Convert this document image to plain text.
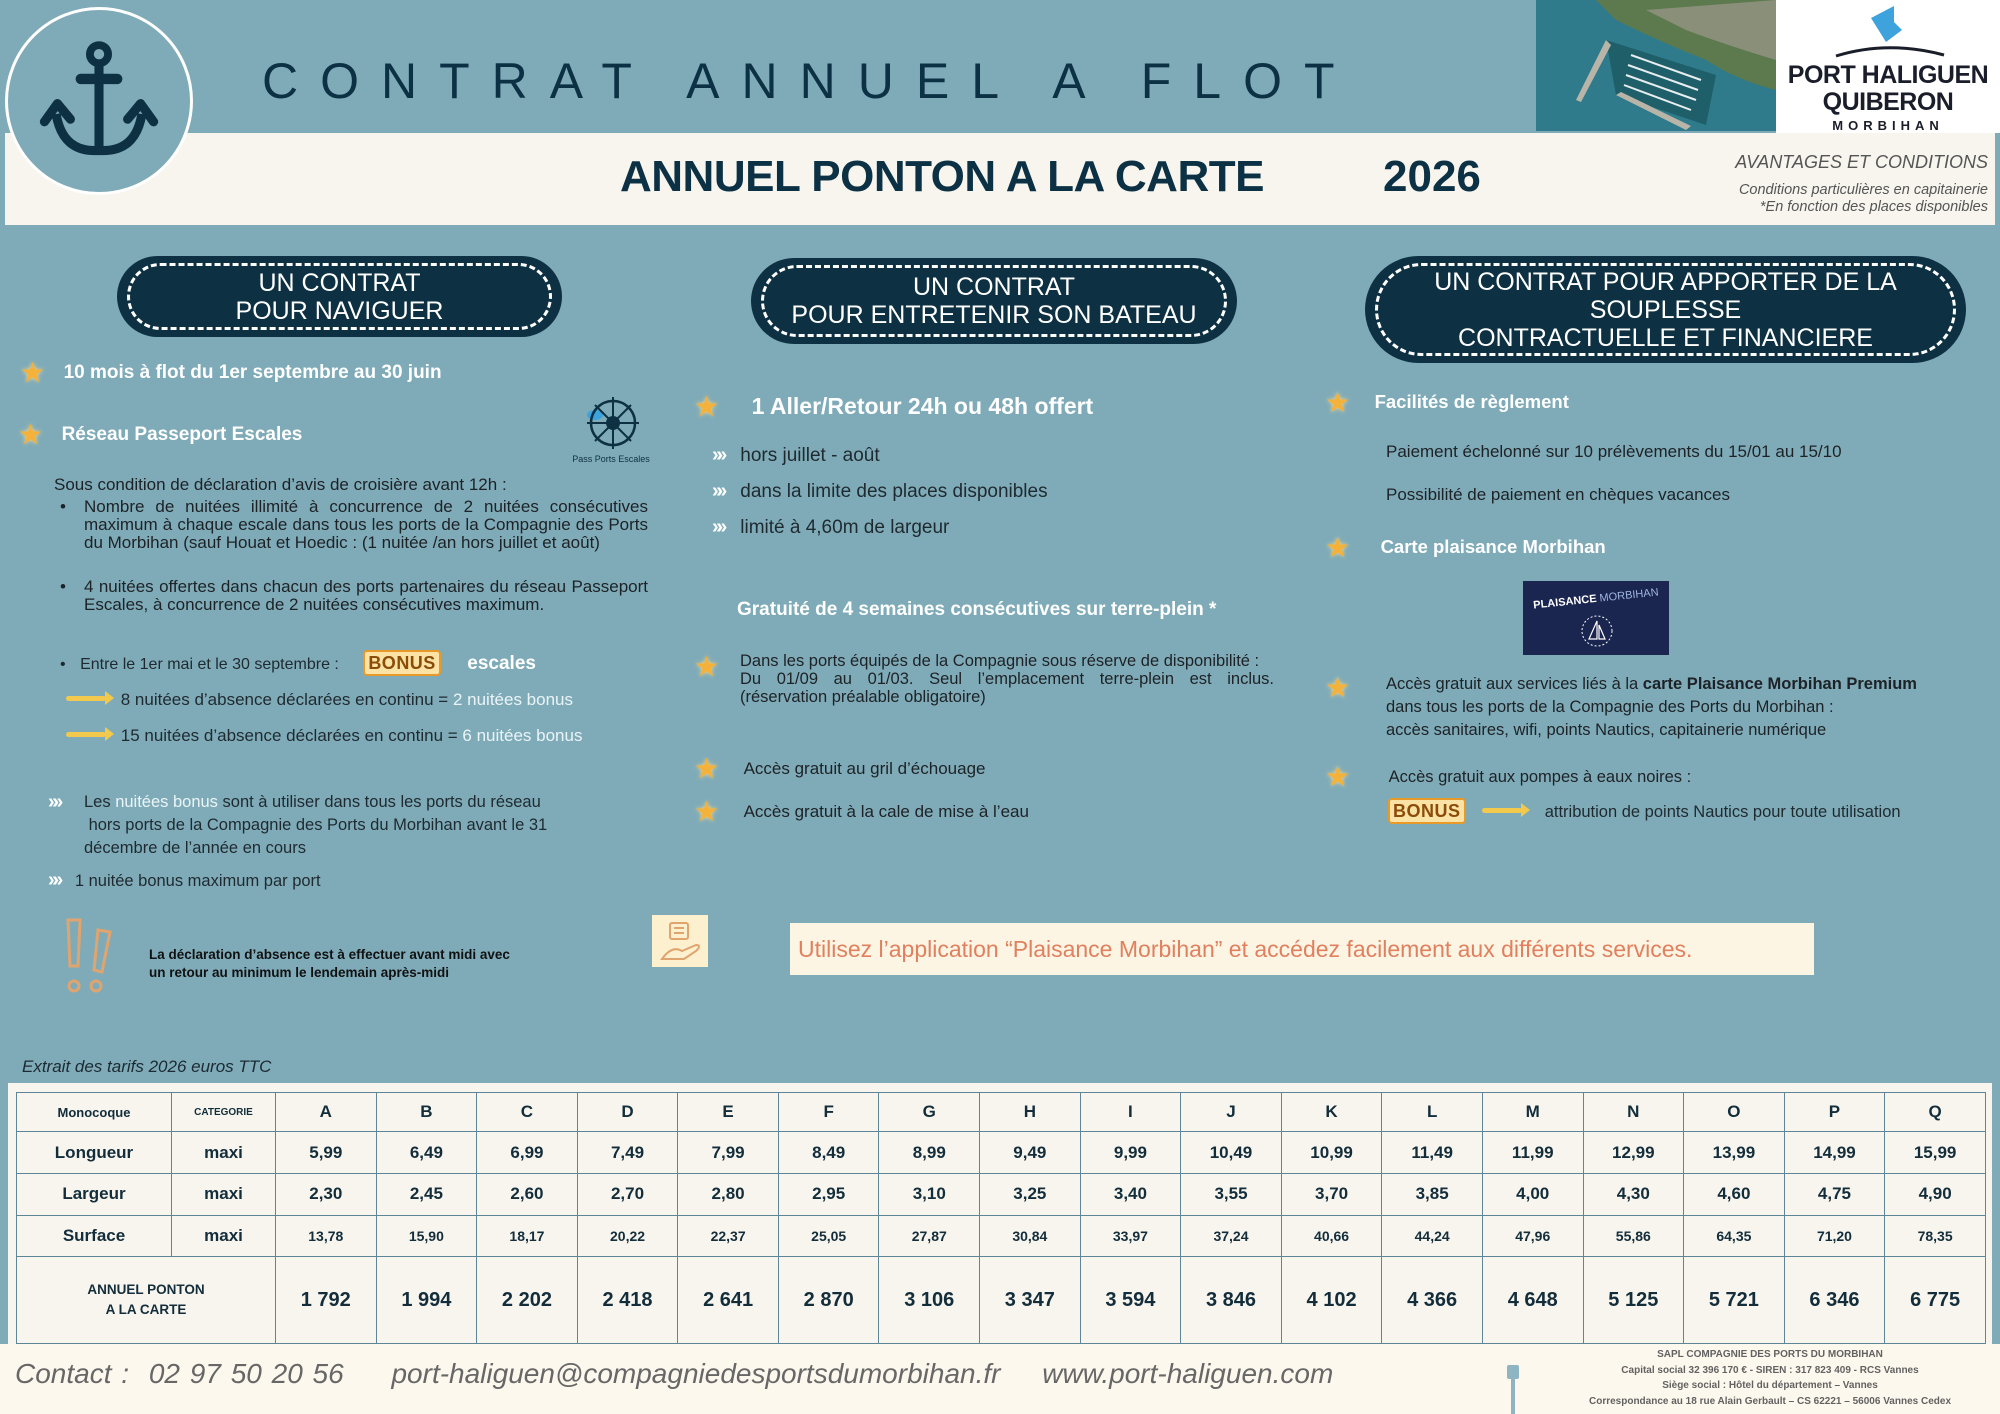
CONTRAT ANNUEL A FLOT
ANNUEL PONTON A LA CARTE	2026
PORT HALIGUEN
QUIBERON
MORBIHAN
AVANTAGES ET CONDITIONS
Conditions particulières en capitainerie
*En fonction des places disponibles
UN CONTRAT
POUR NAVIGUER
★ 10 mois à flot du 1er septembre au 30 juin
★ Réseau Passeport Escales
Pass Ports Escales
Sous condition de déclaration d’avis de croisière avant 12h :
• Nombre de nuitées illimité à concurrence de 2 nuitées consécutives maximum à chaque escale dans tous les ports de la Compagnie des Ports du Morbihan (sauf Houat et Hoedic : (1 nuitée /an hors juillet et août)
• 4 nuitées offertes dans chacun des ports partenaires du réseau Passeport Escales, à concurrence de 2 nuitées consécutives maximum.
• Entre le 1er mai et le 30 septembre : BONUS escales
8 nuitées d’absence déclarées en continu = 2 nuitées bonus
15 nuitées d’absence déclarées en continu = 6 nuitées bonus
»» Les nuitées bonus sont à utiliser dans tous les ports du réseau
hors ports de la Compagnie des Ports du Morbihan avant le 31
décembre de l’année en cours
»» 1 nuitée bonus maximum par port
La déclaration d’absence est à effectuer avant midi avec
un retour au minimum le lendemain après-midi
UN CONTRAT
POUR ENTRETENIR SON BATEAU
★ 1 Aller/Retour 24h ou 48h offert
»» hors juillet - août
»» dans la limite des places disponibles
»» limité à 4,60m de largeur
Gratuité de 4 semaines consécutives sur terre-plein *
★ Dans les ports équipés de la Compagnie sous réserve de disponibilité :
Du 01/09 au 01/03. Seul l’emplacement terre-plein est inclus. (réservation préalable obligatoire)
★ Accès gratuit au gril d’échouage
★ Accès gratuit à la cale de mise à l’eau
UN CONTRAT POUR APPORTER DE LA SOUPLESSE
CONTRACTUELLE ET FINANCIERE
★ Facilités de règlement
Paiement échelonné sur 10 prélèvements du 15/01 au 15/10
Possibilité de paiement en chèques vacances
★ Carte plaisance Morbihan
PLAISANCE MORBIHAN
★ Accès gratuit aux services liés à la carte Plaisance Morbihan Premium
dans tous les ports de la Compagnie des Ports du Morbihan :
accès sanitaires, wifi, points Nautics, capitainerie numérique
★ Accès gratuit aux pompes à eaux noires :
BONUS	attribution de points Nautics pour toute utilisation
Utilisez l’application “Plaisance Morbihan” et accédez facilement aux différents services.
Extrait des tarifs 2026 euros TTC
Monocoque	CATEGORIE	A	B	C	D	E	F	G	H	I	J	K	L	M	N	O	P	Q
Longueur	maxi	5,99	6,49	6,99	7,49	7,99	8,49	8,99	9,49	9,99	10,49	10,99	11,49	11,99	12,99	13,99	14,99	15,99
Largeur	maxi	2,30	2,45	2,60	2,70	2,80	2,95	3,10	3,25	3,40	3,55	3,70	3,85	4,00	4,30	4,60	4,75	4,90
Surface	maxi	13,78	15,90	18,17	20,22	22,37	25,05	27,87	30,84	33,97	37,24	40,66	44,24	47,96	55,86	64,35	71,20	78,35
ANNUEL PONTON
A LA CARTE		1 792	1 994	2 202	2 418	2 641	2 870	3 106	3 347	3 594	3 846	4 102	4 366	4 648	5 125	5 721	6 346	6 775
Contact : 02 97 50 20 56 port-haliguen@compagniedesportsdumorbihan.fr www.port-haliguen.com
SAPL COMPAGNIE DES PORTS DU MORBIHAN
Capital social 32 396 170 € - SIREN : 317 823 409 - RCS Vannes
Siège social : Hôtel du département – Vannes
Correspondance au 18 rue Alain Gerbault – CS 62221 – 56006 Vannes Cedex
